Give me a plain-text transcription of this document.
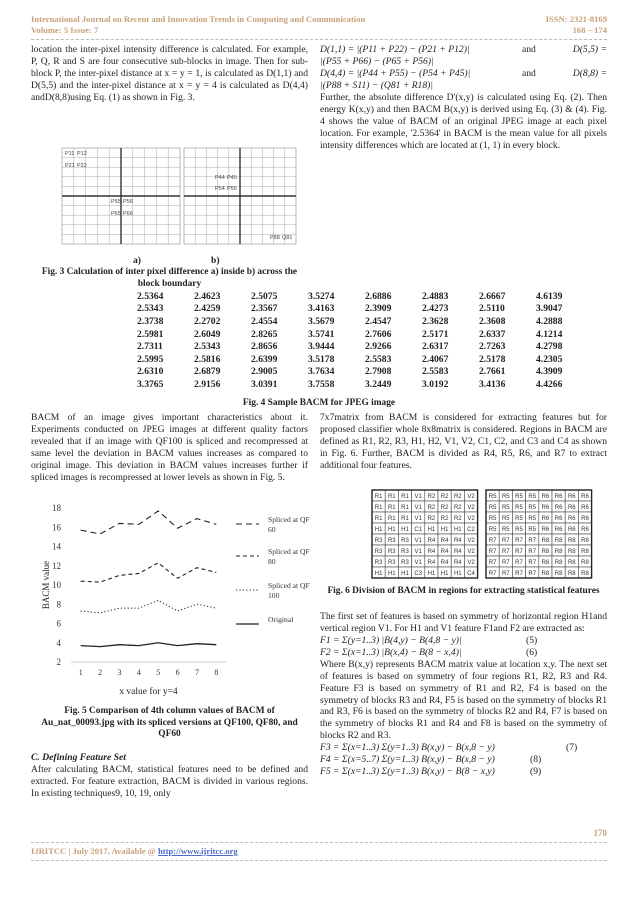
International Journal on Recent and Innovation Trends in Computing and Communication
Volume: 5 Issue: 7
ISSN: 2321-8169
168 – 174

location the inter-pixel intensity difference is calculated. For example, P, Q, R and S are four consecutive sub-blocks in image. Then for sub-block P, the inter-pixel distance at x = y = 1, is calculated as D(1,1) and D(5,5) and the inter-pixel distance at x = y = 4 is calculated as D(4,4) andD(8,8)using Eq. (1) as shown in Fig. 3.

P11 P12
P21 P22
P55 P56
P65 P66
P44 P45
P54 P55
P88 Q81
a)	b)
Fig. 3 Calculation of inter pixel difference a) inside b) across the block boundary
D(1,1) = |(P11 + P22) − (P21 + P12)|	and	D(5,5) =
|(P55 + P66) − (P65 + P56)|
D(4,4) = |(P44 + P55) − (P54 + P45)|	and	D(8,8) =
|(P88 + S11) − (Q81 + R18)|

Further, the absolute difference D'(x,y) is calculated using Eq. (2). Then energy K(x,y) and then BACM B(x,y) is derived using Eq. (3) & (4). Fig. 4 shows the value of BACM of an original JPEG image at each pixel location. For example, '2.5364' in BACM is the mean value for all pixels intensity differences which are located at (1, 1) in every block.

2.5364	2.4623	2.5075	3.5274	2.6886	2.4883	2.6667	4.6139
2.5343	2.4259	2.3567	3.4163	2.3909	2.4273	2.5110	3.9047
2.3738	2.2702	2.4554	3.5679	2.4547	2.3628	2.3608	4.2888
2.5981	2.6049	2.8265	3.5741	2.7606	2.5171	2.6337	4.1214
2.7311	2.5343	2.8656	3.9444	2.9266	2.6317	2.7263	4.2798
2.5995	2.5816	2.6399	3.5178	2.5583	2.4067	2.5178	4.2305
2.6310	2.6879	2.9005	3.7634	2.7908	2.5583	2.7661	4.3909
3.3765	2.9156	3.0391	3.7558	3.2449	3.0192	3.4136	4.4266
Fig. 4 Sample BACM for JPEG image

BACM of an image gives important characteristics about it. Experiments conducted on JPEG images at different quality factors revealed that if an image with QF100 is spliced and recompressed at same level the deviation in BACM values increases as compared to original image. This deviation in BACM values increases further if spliced images is recompressed at lower levels as shown in Fig. 5.

2
4
6
8
10
12
14
16
18
1 2 3 4 5 6 7 8
x value for y=4
BACM value
Spliced at QF
60
Spliced at QF
80
Spliced at QF
100
Original
Fig. 5 Comparison of 4th column values of BACM of Au_nat_00093.jpg with its spliced versions at QF100, QF80, and QF60

C. Defining Feature Set

After calculating BACM, statistical features need to be defined and extracted. For feature extraction, BACM is divided in various regions. In existing techniques9, 10, 19, only

7x7matrix from BACM is considered for extracting features but for proposed classifier whole 8x8matrix is considered. Regions in BACM are defined as R1, R2, R3, H1, H2, V1, V2, C1, C2, and C3 and C4 as shown in Fig. 6. Further, BACM is divided as R4, R5, R6, and R7 to extract additional four features.

R1 R1 R1 V1 R2 R2 R2 V2
R1 R1 R1 V1 R2 R2 R2 V2
R1 R1 R1 V1 R2 R2 R2 V2
H1 H1 H1 C1 H1 H1 H1 C2
R3 R3 R3 V1 R4 R4 R4 V2
R3 R3 R3 V1 R4 R4 R4 V2
R3 R3 R3 V1 R4 R4 R4 V2
H1 H1 H1 C3 H1 H1 H1 C4
R5 R5 R5 R5 R6 R6 R6 R6
R5 R5 R5 R5 R6 R6 R6 R6
R5 R5 R5 R5 R6 R6 R6 R6
R5 R5 R5 R5 R6 R6 R6 R6
R7 R7 R7 R7 R8 R8 R8 R8
R7 R7 R7 R7 R8 R8 R8 R8
R7 R7 R7 R7 R8 R8 R8 R8
R7 R7 R7 R7 R8 R8 R8 R8
Fig. 6 Division of BACM in regions for extracting statistical features

The first set of features is based on symmetry of horizontal region H1and vertical region V1. For H1 and V1 feature F1and F2 are extracted as:

F1 = Σ(y=1..3) |B(4,y) − B(4,8 − y)|	(5)
F2 = Σ(x=1..3) |B(x,4) − B(8 − x,4)|	(6)

Where B(x,y) represents BACM matrix value at location x,y. The next set of features is based on symmetry of four regions R1, R2, R3 and R4. Feature F3 is based on symmetry of R1 and R2, F4 is based on the symmetry of blocks R3 and R4, F5 is based on the symmetry of blocks R1 and R3, F6 is based on the symmetry of blocks R2 and R4, F7 is based on the symmetry of blocks R1 and R4 and F8 is based on the symmetry of blocks R2 and R3.

F3 = Σ(x=1..3) Σ(y=1..3) B(x,y) − B(x,8 − y)	(7)
F4 = Σ(x=5..7) Σ(y=1..3) B(x,y) − B(x,8 − y)	(8)
F5 = Σ(x=1..3) Σ(y=1..3) B(x,y) − B(8 − x,y)	(9)
170
IJRITCC | July 2017, Available @ http://www.ijritcc.org
